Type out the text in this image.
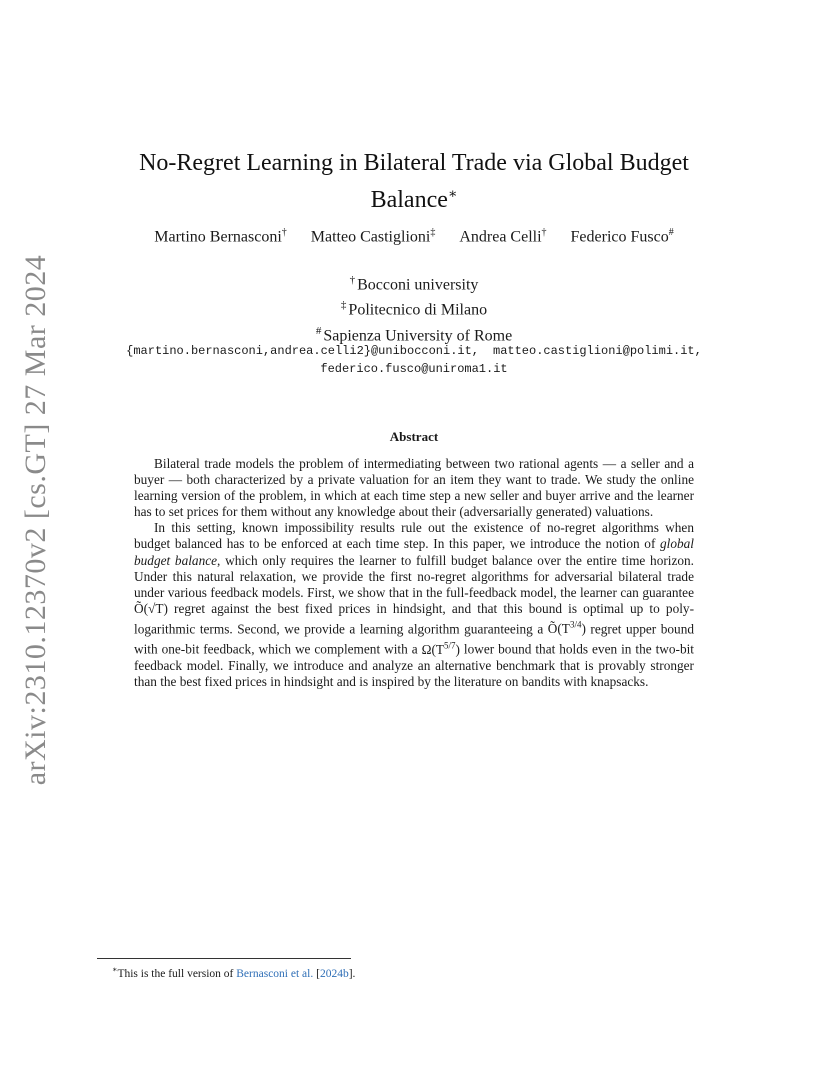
arXiv:2310.12370v2 [cs.GT] 27 Mar 2024
No-Regret Learning in Bilateral Trade via Global Budget
Balance∗
Martino Bernasconi† Matteo Castiglioni‡ Andrea Celli† Federico Fusco#
† Bocconi university
‡ Politecnico di Milano
# Sapienza University of Rome
{martino.bernasconi,andrea.celli2}@unibocconi.it, matteo.castiglioni@polimi.it,
federico.fusco@uniroma1.it
Abstract

Bilateral trade models the problem of intermediating between two rational agents — a seller and a buyer — both characterized by a private valuation for an item they want to trade. We study the online learning version of the problem, in which at each time step a new seller and buyer arrive and the learner has to set prices for them without any knowledge about their (adversarially generated) valuations.

In this setting, known impossibility results rule out the existence of no-regret algorithms when budget balanced has to be enforced at each time step. In this paper, we introduce the notion of global budget balance, which only requires the learner to fulfill budget balance over the entire time horizon. Under this natural relaxation, we provide the first no-regret algorithms for adversarial bilateral trade under various feedback models. First, we show that in the full-feedback model, the learner can guarantee Õ(√T) regret against the best fixed prices in hindsight, and that this bound is optimal up to poly-logarithmic terms. Second, we provide a learning algorithm guaranteeing a $Õ(T^{3/4})$ regret upper bound with one-bit feedback, which we complement with a $\Omega(T^{5/7})$ lower bound that holds even in the two-bit feedback model. Finally, we introduce and analyze an alternative benchmark that is provably stronger than the best fixed prices in hindsight and is inspired by the literature on bandits with knapsacks.

∗This is the full version of Bernasconi et al. [2024b].
